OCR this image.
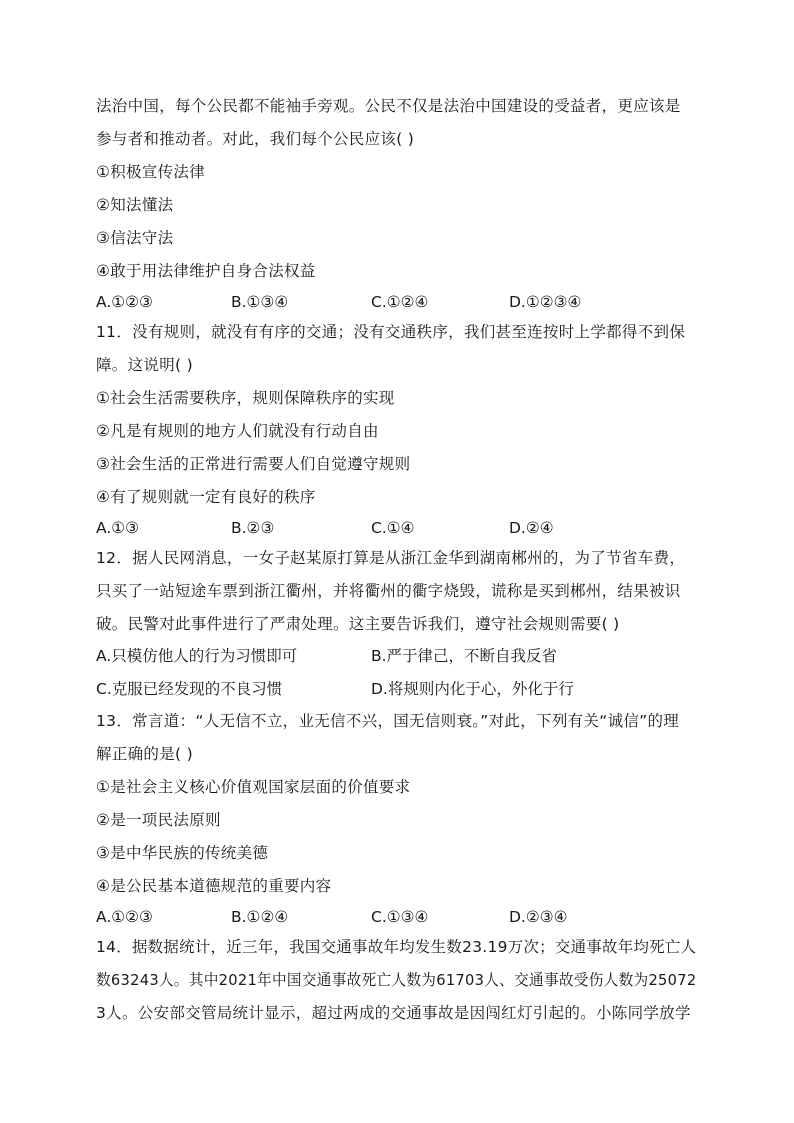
法治中国，每个公民都不能袖手旁观。公民不仅是法治中国建设的受益者，更应该是
参与者和推动者。对此，我们每个公民应该( )
①积极宣传法律
②知法懂法
③信法守法
④敢于用法律维护自身合法权益
A.①②③	B.①③④	C.①②④	D.①②③④
11．没有规则，就没有有序的交通；没有交通秩序，我们甚至连按时上学都得不到保
障。这说明( )
①社会生活需要秩序，规则保障秩序的实现
②凡是有规则的地方人们就没有行动自由
③社会生活的正常进行需要人们自觉遵守规则
④有了规则就一定有良好的秩序
A.①③	B.②③	C.①④	D.②④
12．据人民网消息，一女子赵某原打算是从浙江金华到湖南郴州的，为了节省车费，
只买了一站短途车票到浙江衢州，并将衢州的衢字烧毁，谎称是买到郴州，结果被识
破。民警对此事件进行了严肃处理。这主要告诉我们，遵守社会规则需要( )
A.只模仿他人的行为习惯即可	B.严于律己，不断自我反省
C.克服已经发现的不良习惯	D.将规则内化于心，外化于行
13．常言道：“人无信不立，业无信不兴，国无信则衰。”对此，下列有关“诚信”的理
解正确的是( )
①是社会主义核心价值观国家层面的价值要求
②是一项民法原则
③是中华民族的传统美德
④是公民基本道德规范的重要内容
A.①②③	B.①②④	C.①③④	D.②③④
14．据数据统计，近三年，我国交通事故年均发生数23.19万次；交通事故年均死亡人
数63243人。其中2021年中国交通事故死亡人数为61703人、交通事故受伤人数为25072
3人。公安部交管局统计显示，超过两成的交通事故是因闯红灯引起的。小陈同学放学
